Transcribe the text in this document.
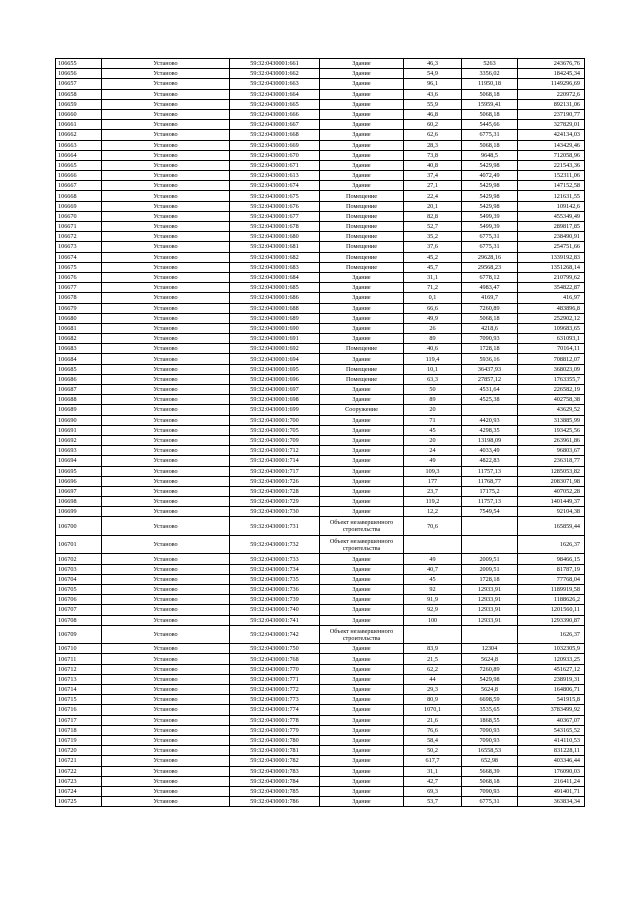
106655	Установо	59:32:0430001:661	Здание	46,3	5263	243676,76
106656	Установо	59:32:0430001:662	Здание	54,9	3356,02	184245,34
106657	Установо	59:32:0430001:663	Здание	96,1	11950,18	1149296,69
106658	Установо	59:32:0430001:664	Здание	43,6	5068,18	220972,6
106659	Установо	59:32:0430001:665	Здание	55,9	15959,41	892131,06
106660	Установо	59:32:0430001:666	Здание	46,8	5068,18	237190,77
106661	Установо	59:32:0430001:667	Здание	60,2	5445,66	327829,01
106662	Установо	59:32:0430001:668	Здание	62,6	6775,31	424134,03
106663	Установо	59:32:0430001:669	Здание	28,3	5068,18	143429,46
106664	Установо	59:32:0430001:670	Здание	73,8	9648,5	712058,96
106665	Установо	59:32:0430001:671	Здание	40,8	5429,98	221543,36
106666	Установо	59:32:0430001:613	Здание	37,4	4072,49	152311,06
106667	Установо	59:32:0430001:674	Здание	27,1	5429,98	147152,58
106668	Установо	59:32:0430001:675	Помещение	22,4	5429,98	121631,55
106669	Установо	59:32:0430001:676	Помещение	20,1	5429,98	109142,6
106670	Установо	59:32:0430001:677	Помещение	82,8	5499,39	455349,49
106671	Установо	59:32:0430001:678	Помещение	52,7	5499,39	289817,85
106672	Установо	59:32:0430001:680	Помещение	35,2	6775,31	238490,91
106673	Установо	59:32:0430001:681	Помещение	37,6	6775,31	254751,66
106674	Установо	59:32:0430001:682	Помещение	45,2	29628,16	1339192,83
106675	Установо	59:32:0430001:683	Помещение	45,7	29568,23	1351268,14
106676	Установо	59:32:0430001:684	Здание	31,1	6778,12	210799,62
106677	Установо	59:32:0430001:685	Здание	71,2	4983,47	354822,87
106678	Установо	59:32:0430001:686	Здание	0,1	4169,7	416,97
106679	Установо	59:32:0430001:688	Здание	66,6	7260,89	483896,8
106680	Установо	59:32:0430001:689	Здание	49,9	5068,18	252902,12
106681	Установо	59:32:0430001:690	Здание	26	4218,6	109683,65
106682	Установо	59:32:0430001:691	Здание	89	7090,93	631093,1
106683	Установо	59:32:0430001:692	Помещение	40,6	1728,18	70164,11
106684	Установо	59:32:0430001:694	Здание	119,4	5936,16	708812,07
106685	Установо	59:32:0430001:695	Помещение	10,1	36437,93	368023,09
106686	Установо	59:32:0430001:696	Помещение	63,3	27857,12	1763355,7
106687	Установо	59:32:0430001:697	Здание	50	4531,64	226582,19
106688	Установо	59:32:0430001:698	Здание	89	4525,38	402758,38
106689	Установо	59:32:0430001:699	Сооружение	20		43629,52
106690	Установо	59:32:0430001:700	Здание	71	4420,93	313885,99
106691	Установо	59:32:0430001:705	Здание	45	4298,35	193425,56
106692	Установо	59:32:0430001:709	Здание	20	13198,09	263961,86
106693	Установо	59:32:0430001:712	Здание	24	4033,49	96803,67
106694	Установо	59:32:0430001:714	Здание	49	4822,83	236318,77
106695	Установо	59:32:0430001:717	Здание	109,3	11757,13	1285053,82
106696	Установо	59:32:0430001:726	Здание	177	11768,77	2083071,98
106697	Установо	59:32:0430001:728	Здание	23,7	17175,2	407052,28
106698	Установо	59:32:0430001:729	Здание	119,2	11757,13	1401449,37
106699	Установо	59:32:0430001:730	Здание	12,2	7549,54	92104,38
106700	Установо	59:32:0430001:731	Объект незавершенного строительства	70,6		165859,44
106701	Установо	59:32:0430001:732	Объект незавершенного строительства			1626,37
106702	Установо	59:32:0430001:733	Здание	49	2009,51	98466,15
106703	Установо	59:32:0430001:734	Здание	40,7	2009,51	81787,19
106704	Установо	59:32:0430001:735	Здание	45	1728,18	77768,04
106705	Установо	59:32:0430001:736	Здание	92	12933,91	1189919,58
106706	Установо	59:32:0430001:739	Здание	91,9	12933,91	1188626,2
106707	Установо	59:32:0430001:740	Здание	92,9	12933,91	1201560,11
106708	Установо	59:32:0430001:741	Здание	100	12933,91	1293390,87
106709	Установо	59:32:0430001:742	Объект незавершенного строительства			1626,37
106710	Установо	59:32:0430001:750	Здание	83,9	12304	1032305,9
106711	Установо	59:32:0430001:768	Здание	21,5	5624,8	120933,25
106712	Установо	59:32:0430001:770	Здание	62,2	7260,89	451627,12
106713	Установо	59:32:0430001:771	Здание	44	5429,98	238919,31
106714	Установо	59:32:0430001:772	Здание	29,3	5624,8	164806,71
106715	Установо	59:32:0430001:773	Здание	80,9	6698,59	541915,8
106716	Установо	59:32:0430001:774	Здание	1070,1	3535,65	3783499,92
106717	Установо	59:32:0430001:778	Здание	21,6	1868,55	40367,07
106718	Установо	59:32:0430001:779	Здание	76,6	7090,93	543165,52
106719	Установо	59:32:0430001:780	Здание	58,4	7090,93	414110,53
106720	Установо	59:32:0430001:781	Здание	50,2	16558,53	831228,11
106721	Установо	59:32:0430001:782	Здание	617,7	652,98	403346,44
106722	Установо	59:32:0430001:783	Здание	31,1	5668,39	176090,03
106723	Установо	59:32:0430001:784	Здание	42,7	5068,18	216411,24
106724	Установо	59:32:0430001:785	Здание	69,3	7090,93	491401,71
106725	Установо	59:32:0430001:786	Здание	53,7	6775,31	363834,34
